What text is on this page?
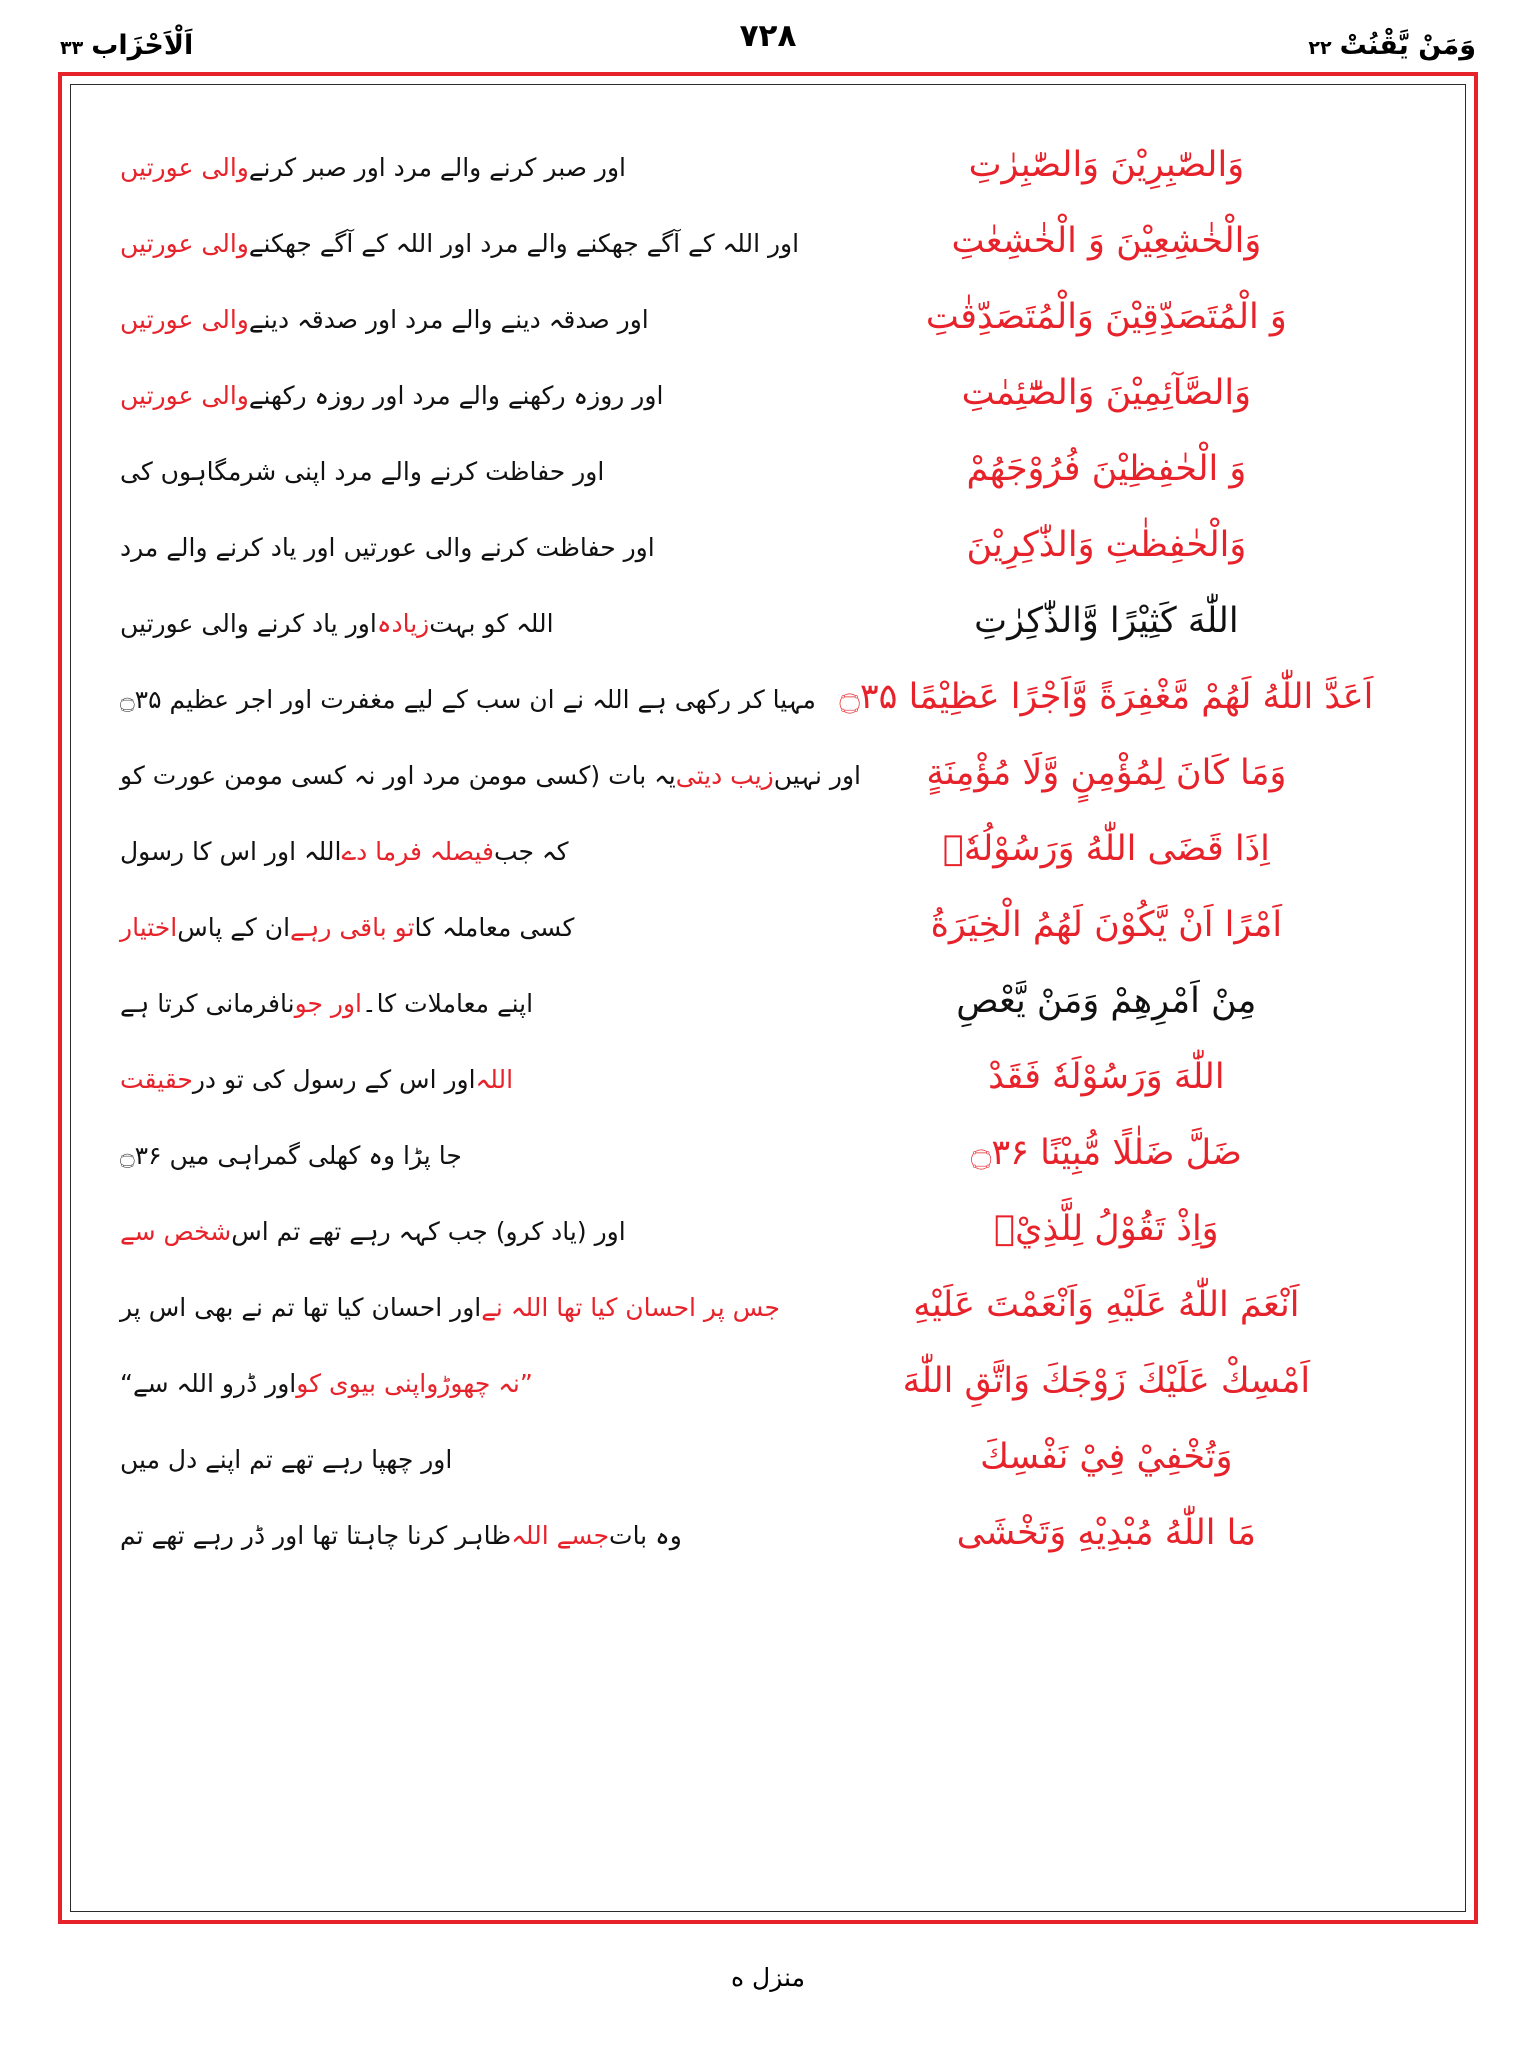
وَمَنْ يَّقْنُتْ
۲۲
اَلْاَحْزَاب
۳۳	۷۲۸
اور صبر کرنے والے مرد اور صبر کرنے
والی عورتیں
اور اللہ کے آگے جھکنے والے مرد اور اللہ کے آگے جھکنے
والی عورتیں
اور صدقہ دینے والے مرد اور صدقہ دینے
والی عورتیں
اور روزہ رکھنے والے مرد اور روزہ رکھنے
والی عورتیں
اور حفاظت کرنے والے مرد اپنی شرمگاہوں کی
اور حفاظت کرنے والی عورتیں اور یاد کرنے والے مرد
اللہ کو بہت
زیادہ
اور یاد کرنے والی عورتیں
مہیا کر رکھی ہے اللہ نے ان سب کے لیے مغفرت اور اجر عظیم ۝۳۵
اور نہیں
زیب دیتی
یہ بات (کسی مومن مرد اور نہ کسی مومن عورت کو
کہ جب
فیصلہ فرما دے
اللہ اور اس کا رسول
کسی معاملہ کا
تو باقی رہے
ان کے پاس
اختیار
اپنے معاملات کا۔
اور جو
نافرمانی کرتا ہے
اللہ
اور اس کے رسول کی تو در
حقیقت
جا پڑا وہ کھلی گمراہی میں ۝۳۶
اور (یاد کرو) جب کہہ رہے تھے تم اس
شخص سے
جس پر احسان کیا تھا اللہ نے
اور احسان کیا تھا تم نے بھی اس پر
”نہ چھوڑو
اپنی بیوی کو
اور ڈرو اللہ سے“
اور چھپا رہے تھے تم اپنے دل میں
وہ بات
جسے اللہ
ظاہر کرنا چاہتا تھا اور ڈر رہے تھے تم
وَالصّٰبِرِيْنَ وَالصّٰبِرٰتِ
وَالْخٰشِعِيْنَ وَ الْخٰشِعٰتِ
وَ الْمُتَصَدِّقِيْنَ وَالْمُتَصَدِّقٰتِ
وَالصَّآئِمِيْنَ وَالصّٰٓئِمٰتِ
وَ الْحٰفِظِيْنَ فُرُوْجَهُمْ
وَالْحٰفِظٰتِ وَالذّٰكِرِيْنَ
اللّٰهَ كَثِيْرًا وَّالذّٰكِرٰتِ
اَعَدَّ اللّٰهُ لَهُمْ مَّغْفِرَةً وَّاَجْرًا عَظِيْمًا ۝۳۵
وَمَا كَانَ لِمُؤْمِنٍ وَّلَا مُؤْمِنَةٍ
اِذَا قَضَى اللّٰهُ وَرَسُوْلُهٗۤ
اَمْرًا اَنْ يَّكُوْنَ لَهُمُ الْخِيَرَةُ
مِنْ اَمْرِهِمْ وَمَنْ يَّعْصِ
اللّٰهَ وَرَسُوْلَهٗ فَقَدْ
ضَلَّ ضَلٰلًا مُّبِيْنًا ۝۳۶
وَاِذْ تَقُوْلُ لِلَّذِيْۤ
اَنْعَمَ اللّٰهُ عَلَيْهِ وَاَنْعَمْتَ عَلَيْهِ
اَمْسِكْ عَلَيْكَ زَوْجَكَ وَاتَّقِ اللّٰهَ
وَتُخْفِيْ فِيْ نَفْسِكَ
مَا اللّٰهُ مُبْدِيْهِ وَتَخْشَى
منزل ه
